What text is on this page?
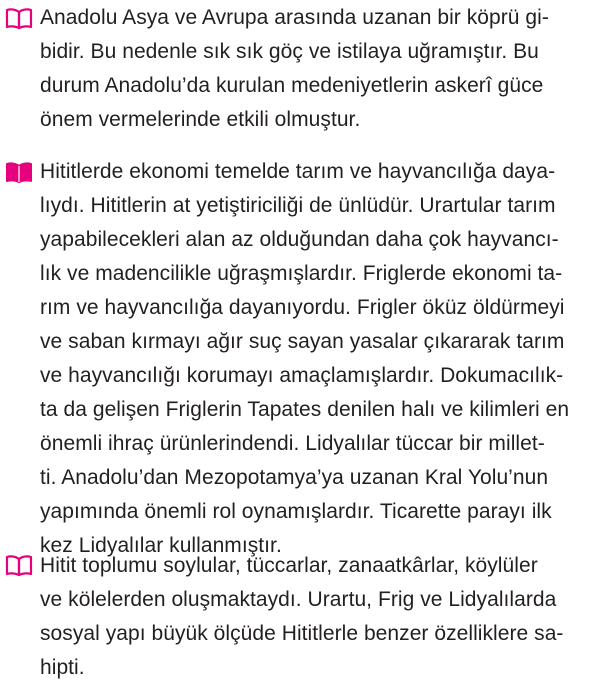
Anadolu Asya ve Avrupa arasında uzanan bir köprü gi-
bidir. Bu nedenle sık sık göç ve istilaya uğramıştır. Bu
durum Anadolu’da kurulan medeniyetlerin askerî güce
önem vermelerinde etkili olmuştur.
Hititlerde ekonomi temelde tarım ve hayvancılığa daya-
lıydı. Hititlerin at yetiştiriciliği de ünlüdür. Urartular tarım
yapabilecekleri alan az olduğundan daha çok hayvancı-
lık ve madencilikle uğraşmışlardır. Friglerde ekonomi ta-
rım ve hayvancılığa dayanıyordu. Frigler öküz öldürmeyi
ve saban kırmayı ağır suç sayan yasalar çıkararak tarım
ve hayvancılığı korumayı amaçlamışlardır. Dokumacılık-
ta da gelişen Friglerin Tapates denilen halı ve kilimleri en
önemli ihraç ürünlerindendi. Lidyalılar tüccar bir millet-
ti. Anadolu’dan Mezopotamya’ya uzanan Kral Yolu’nun
yapımında önemli rol oynamışlardır. Ticarette parayı ilk
kez Lidyalılar kullanmıştır.
Hitit toplumu soylular, tüccarlar, zanaatkârlar, köylüler
ve kölelerden oluşmaktaydı. Urartu, Frig ve Lidyalılarda
sosyal yapı büyük ölçüde Hititlerle benzer özelliklere sa-
hipti.
